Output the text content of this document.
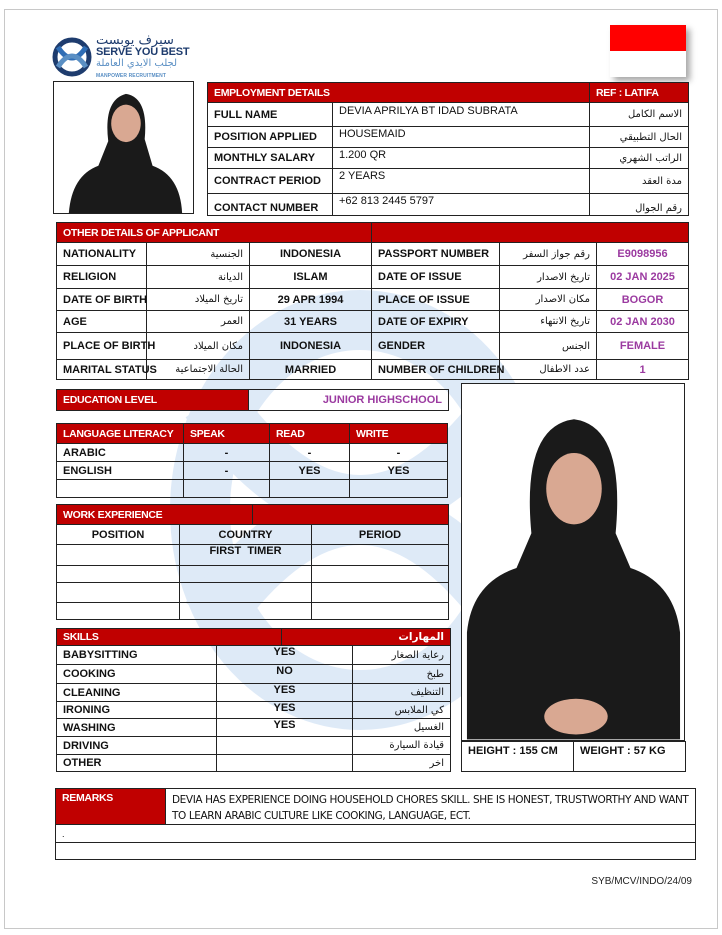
سيرف يوبست
SERVE YOU BEST
لجلب الايدي العاملة
MANPOWER RECRUITMENT
EMPLOYMENT DETAILS	REF : LATIFA
FULL NAME	DEVIA APRILYA BT IDAD SUBRATA	الاسم الكامل
POSITION APPLIED	HOUSEMAID	الحال التطبيقي
MONTHLY SALARY	1.200 QR	الراتب الشهري
CONTRACT PERIOD	2 YEARS	مدة العقد
CONTACT NUMBER	+62 813 2445 5797	رقم الجوال
OTHER DETAILS OF APPLICANT	
NATIONALITY	الجنسية	INDONESIA	PASSPORT NUMBER	رقم جواز السفر	E9098956
RELIGION	الديانة	ISLAM	DATE OF ISSUE	تاريخ الاصدار	02 JAN 2025
DATE OF BIRTH	تاريخ الميلاد	29 APR 1994	PLACE OF ISSUE	مكان الاصدار	BOGOR
AGE	العمر	31 YEARS	DATE OF EXPIRY	تاريخ الانتهاء	02 JAN 2030
PLACE OF BIRTH	مكان الميلاد	INDONESIA	GENDER	الجنس	FEMALE
MARITAL STATUS	الحالة الاجتماعية	MARRIED	NUMBER OF CHILDREN	عدد الاطفال	1
EDUCATION LEVEL	JUNIOR HIGHSCHOOL
LANGUAGE LITERACY	SPEAK	READ	WRITE
ARABIC	-	-	-
ENGLISH	-	YES	YES

WORK EXPERIENCE	
POSITION	COUNTRY	PERIOD
	FIRST  TIMER	

SKILLS	المهارات
BABYSITTING	YES	رعاية الصغار
COOKING	NO	طبخ
CLEANING	YES	التنظيف
IRONING	YES	كي الملابس
WASHING	YES	الغسيل
DRIVING		قيادة السيارة
OTHER		اخر
HEIGHT : 155 CM	WEIGHT : 57 KG
REMARKS	DEVIA HAS EXPERIENCE DOING HOUSEHOLD CHORES SKILL. SHE IS HONEST, TRUSTWORTHY AND WANT TO LEARN ARABIC CULTURE LIKE COOKING, LANGUAGE, ECT.
.

SYB/MCV/INDO/24/09
